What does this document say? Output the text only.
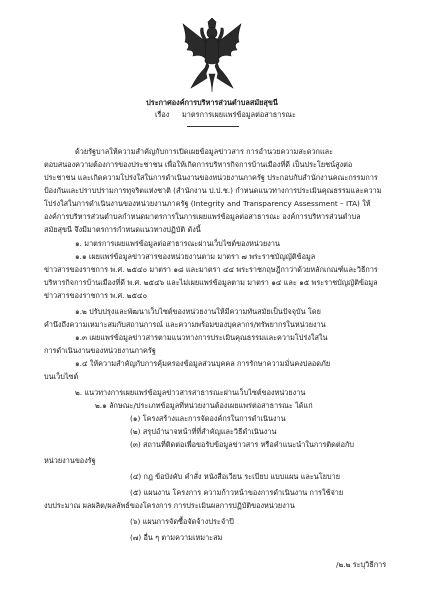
ประกาศองค์การบริหารส่วนตำบลสมัยสุขนี
เรื่อง มาตรการเผยแพร่ข้อมูลต่อสาธารณะ
ด้วยรัฐบาลให้ความสำคัญกับการเปิดเผยข้อมูลข่าวสาร การอำนวยความสะดวกและ
ตอบสนองความต้องการของประชาชน เพื่อให้เกิดการบริหารกิจการบ้านเมืองที่ดี เป็นประโยชน์สูงต่อ
ประชาชน และเกิดความโปร่งใสในการดำเนินงานของหน่วยงานภาครัฐ ประกอบกับสำนักงานคณะกรรมการ
ป้องกันและปราบปรามการทุจริตแห่งชาติ (สำนักงาน ป.ป.ช.) กำหนดแนวทางการประเมินคุณธรรมและความ
โปร่งใสในการดำเนินงานของหน่วยงานภาครัฐ (Integrity and Transparency Assessment – ITA) ให้
องค์การบริหารส่วนตำบลกำหนดมาตรการในการเผยแพร่ข้อมูลต่อสาธารณะ องค์การบริหารส่วนตำบล
สมัยสุขนี จึงมีมาตรการกำหนดแนวทางปฏิบัติ ดังนี้
๑. มาตรการเผยแพร่ข้อมูลต่อสาธารณะผ่านเว็บไซต์ของหน่วยงาน
๑.๑ เผยแพร่ข้อมูลข่าวสารของหน่วยงานตาม มาตรา ๗ พระราชบัญญัติข้อมูล
ข่าวสารของราชการ พ.ศ. ๒๕๔๐ มาตรา ๑๘ และมาตรา ๔๔ พระราชกฤษฎีกาว่าด้วยหลักเกณฑ์และวิธีการ
บริหารกิจการบ้านเมืองที่ดี พ.ศ. ๒๕๔๖ และไม่เผยแพร่ข้อมูลตาม มาตรา ๑๔ และ ๑๕ พระราชบัญญัติข้อมูล
ข่าวสารของราชการ พ.ศ. ๒๕๔๐
๑.๒ ปรับปรุงและพัฒนาเว็บไซต์ของหน่วยงานให้มีความทันสมัยเป็นปัจจุบัน โดย
คำนึงถึงความเหมาะสมกับสถานการณ์ และความพร้อมของบุคลากร/ทรัพยากรในหน่วยงาน
๑.๓ เผยแพร่ข้อมูลข่าวสารตามแนวทางการประเมินคุณธรรมและความโปร่งใสใน
การดำเนินงานของหน่วยงานภาครัฐ
๑.๔ ให้ความสำคัญกับการคุ้มครองข้อมูลส่วนบุคคล การรักษาความมั่นคงปลอดภัย
บนเว็บไซต์
๒. แนวทางการเผยแพร่ข้อมูลข่าวสารสาธารณะผ่านเว็บไซต์ของหน่วยงาน
๒.๑ ลักษณะ/ประเภทข้อมูลที่หน่วยงานต้องเผยแพร่ต่อสาธารณะ ได้แก่
(๑) โครงสร้างและการจัดองค์กรในการดำเนินงาน
(๒) สรุปอำนาจหน้าที่ที่สำคัญและวิธีดำเนินงาน
(๓) สถานที่ติดต่อเพื่อขอรับข้อมูลข่าวสาร หรือคำแนะนำในการติดต่อกับ
หน่วยงานของรัฐ
(๔) กฎ ข้อบังคับ คำสั่ง หนังสือเวียน ระเบียบ แบบแผน และนโยบาย
(๕) แผนงาน โครงการ ความก้าวหน้าของการดำเนินงาน การใช้จ่าย
งบประมาณ ผลผลิต/ผลลัพธ์ของโครงการ การประเมินผลการปฏิบัติของหน่วยงาน
(๖) แผนการจัดซื้อจัดจ้างประจำปี
(๗) อื่น ๆ ตามความเหมาะสม
/๒.๒ ระบุวิธีการ
